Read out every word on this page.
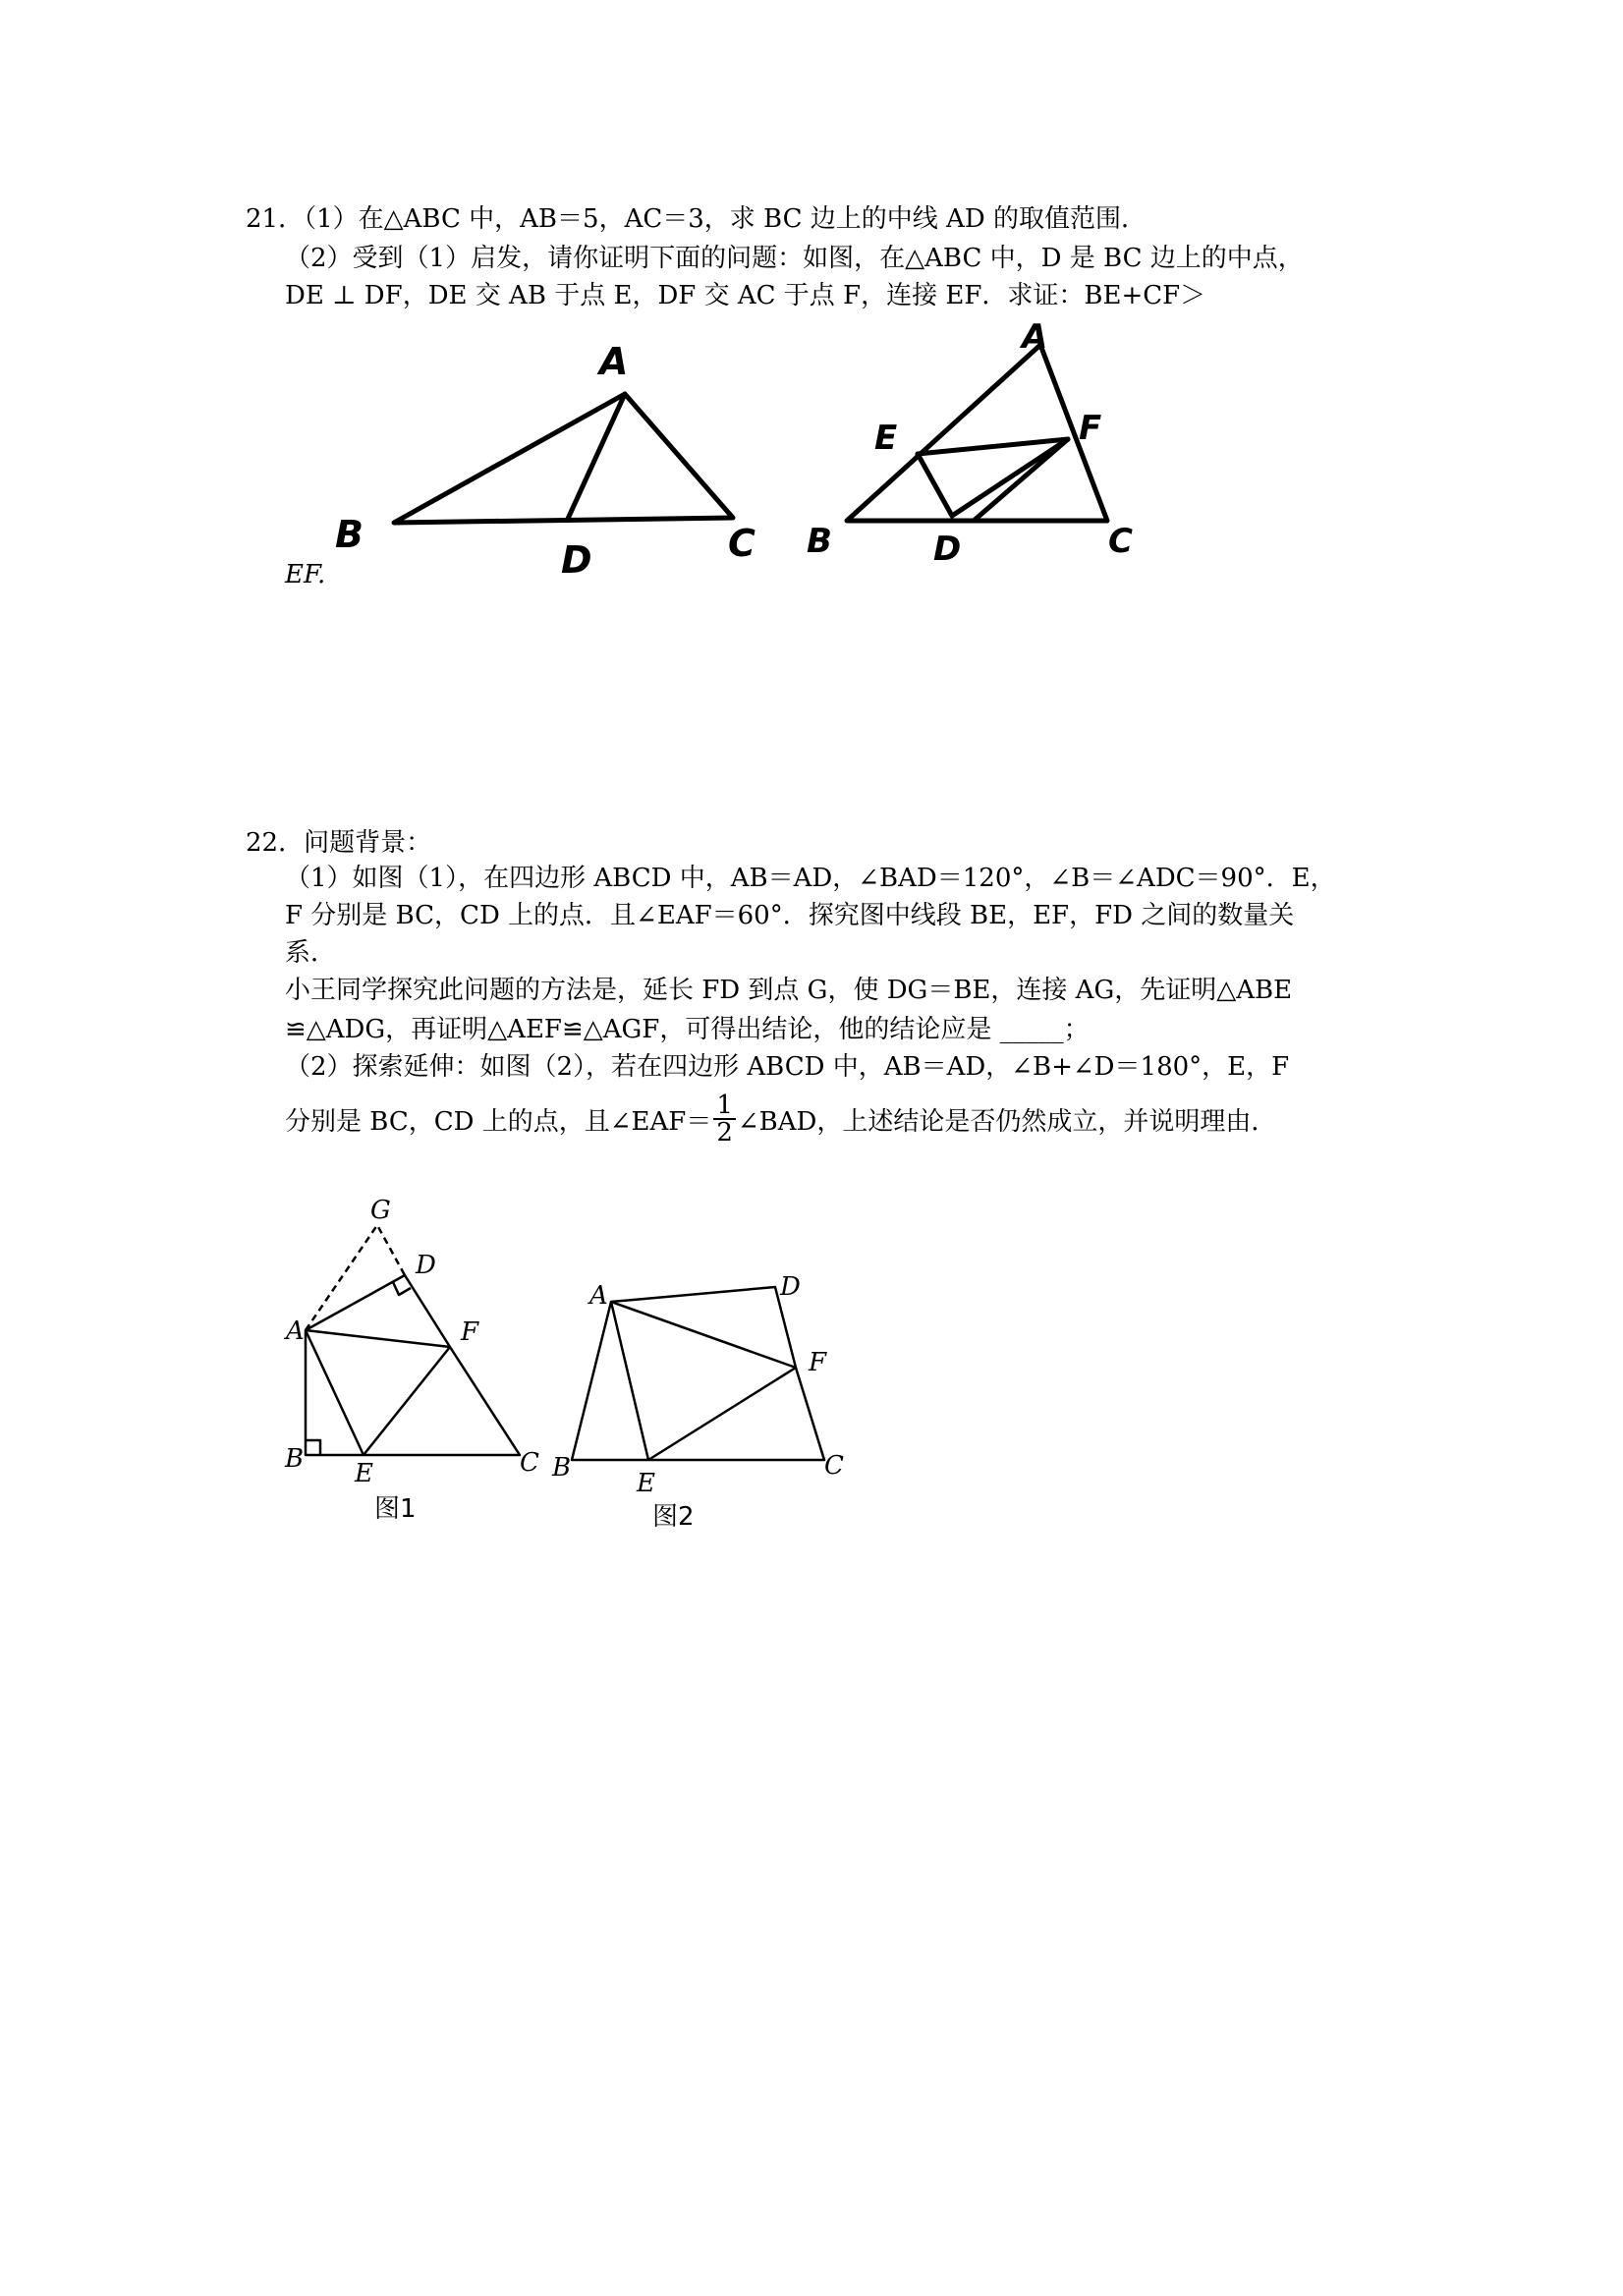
21．（1）在△ABC 中，AB＝5，AC＝3，求 BC 边上的中线 AD 的取值范围．
（2）受到（1）启发，请你证明下面的问题：如图，在△ABC 中，D 是 BC 边上的中点，
DE ⊥ DF，DE 交 AB 于点 E，DF 交 AC 于点 F，连接 EF．求证：BE+CF＞
A
B
D	C
A
E	F
B	D	C
EF.
22．问题背景：
（1）如图（1），在四边形 ABCD 中，AB＝AD，∠BAD＝120°，∠B＝∠ADC＝90°．E，
F 分别是 BC，CD 上的点．且∠EAF＝60°．探究图中线段 BE，EF，FD 之间的数量关
系．
小王同学探究此问题的方法是，延长 FD 到点 G，使 DG＝BE，连接 AG，先证明△ABE
≌△ADG，再证明△AEF≌△AGF，可得出结论，他的结论应是 _____；
（2）探索延伸：如图（2），若在四边形 ABCD 中，AB＝AD，∠B+∠D＝180°，E，F
分别是 BC，CD 上的点，且∠EAF＝ $\frac{1}{2}$ ∠BAD，上述结论是否仍然成立，并说明理由．
G
D
A	F
B E	C
图1
A	D
F
B
E
C
图2
